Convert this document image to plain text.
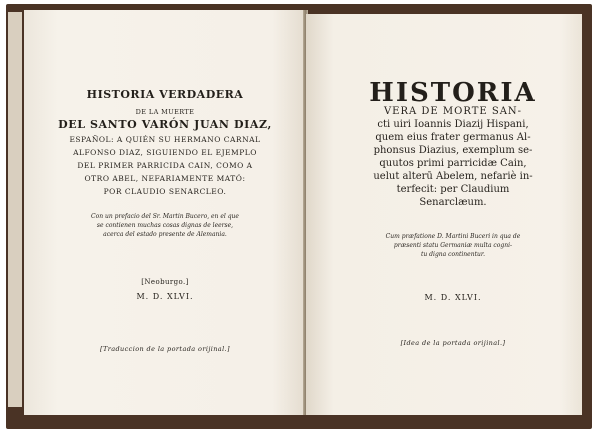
HISTORIA VERDADERA
DE LA MUERTE
DEL SANTO VARÓN JUAN DIAZ,
ESPAÑOL: A QUIÉN SU HERMANO CARNAL
ALFONSO DIAZ, SIGUIENDO EL EJEMPLO
DEL PRIMER PARRICIDA CAIN, COMO A
OTRO ABEL, NEFARIAMENTE MATÓ:
POR CLAUDIO SENARCLEO.
Con un prefacio del Sr. Martin Bucero, en el que
se contienen muchas cosas dignas de leerse,
acerca del estado presente de Alemania.
[Neoburgo.]
M. D. XLVI.
[Traduccion de la portada orijinal.]
HISTORIA
VERA DE MORTE SAN-
cti uiri Ioannis Diazij Hispani,
quem eius frater germanus Al-
phonsus Diazius, exemplum se-
quutos primi parricidæ Cain,
uelut alterū Abelem, nefariè in-
terfecit: per Claudium
Senarclæum.
Cum præfatione D. Martini Buceri in qua de
præsenti statu Germaniæ multa cogni-
tu digna continentur.
M. D. XLVI.
[Idea de la portada orijinal.]
